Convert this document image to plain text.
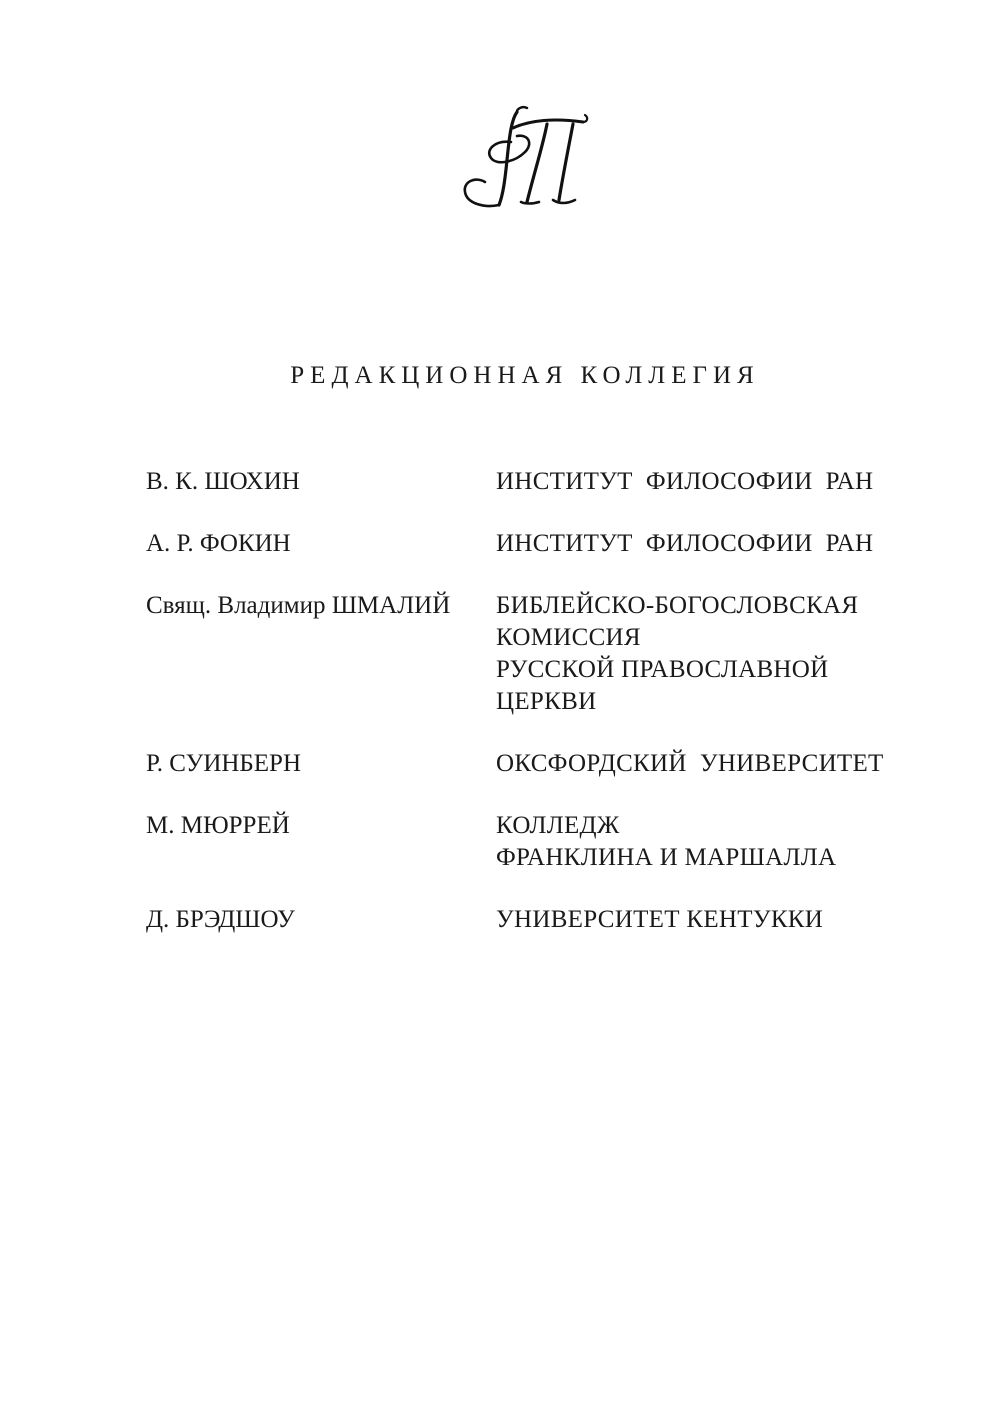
РЕДАКЦИОННАЯ КОЛЛЕГИЯ
В. К. ШОХИН	ИНСТИТУТ  ФИЛОСОФИИ  РАН
А. Р. ФОКИН	ИНСТИТУТ  ФИЛОСОФИИ  РАН
Свящ. Владимир ШМАЛИЙ	БИБЛЕЙСКО-БОГОСЛОВСКАЯ
КОМИССИЯ
РУССКОЙ ПРАВОСЛАВНОЙ
ЦЕРКВИ
Р. СУИНБЕРН	ОКСФОРДСКИЙ  УНИВЕРСИТЕТ
М. МЮРРЕЙ	КОЛЛЕДЖ
ФРАНКЛИНА И МАРШАЛЛА
Д. БРЭДШОУ	УНИВЕРСИТЕТ КЕНТУККИ
